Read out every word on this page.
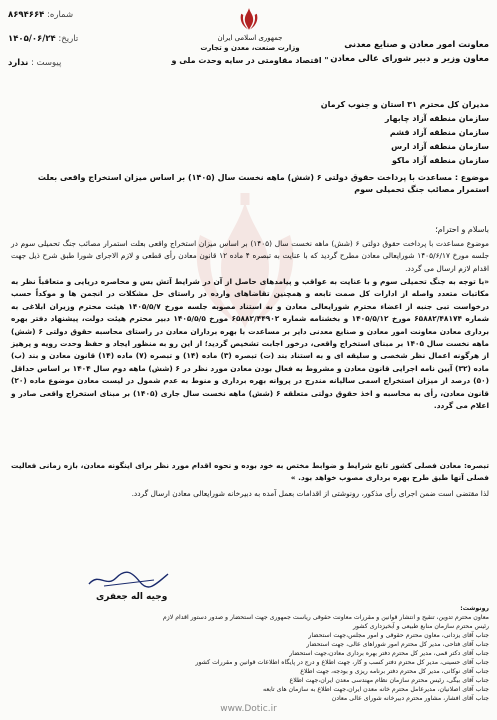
جمهوری اسلامی ایران
وزارت صنعت، معدن و تجارت
" اقتصاد مقاومتی در سایه وحدت ملی و
شماره: ۸۶۹۴۶۶۴
تاریخ: ۱۴۰۵/۰۶/۲۴
پیوست : ندارد
معاونت امور معادن و صنایع معدنی
معاون وزیر و دبیر شورای عالی معادن
مدیران کل محترم ۳۱ استان و جنوب کرمان
سازمان منطقه آزاد چابهار
سازمان منطقه آزاد قشم
سازمان منطقه آزاد ارس
سازمان منطقه آزاد ماکو
موضوع : مساعدت با پرداخت حقوق دولتی ۶ (شش) ماهه نخست سال (۱۴۰۵) بر اساس میزان استخراج واقعی بعلت استمرار مصائب جنگ تحمیلی سوم
باسلام و احترام؛
موضوع مساعدت با پرداخت حقوق دولتی ۶ (شش) ماهه نخست سال (۱۴۰۵) بر اساس میزان استخراج واقعی بعلت استمرار مصائب جنگ تحمیلی سوم در جلسه مورخ ۱۴۰۵/۶/۱۷ شورایعالی معادن مطرح گردید که با عنایت به تبصره ۴ ماده ۱۲ قانون معادن رأی قطعی و لازم الاجرای شورا طبق شرح ذیل جهت اقدام لازم ارسال می گردد.
«با توجه به جنگ تحمیلی سوم و با عنایت به عواقب و پیامدهای حاصل از آن در شرایط آتش بس و محاصره دریایی و متعاقباً نظر به مکاتبات متعدد واصله از ادارات کل صمت تابعه و همچنین تقاضاهای وارده در راستای حل مشکلات در انجمن ها و موکداً حسب درخواست تبی جنبه از اعضاء محترم شورایعالی معادن و به استناد مصوبه جلسه مورخ ۱۴۰۵/۵/۷ هیئت محترم وزیران ابلاغی به شماره ۶۵۸۸۲/۴۸۱۷۴ مورخ ۱۴۰۵/۵/۱۲ و بخشنامه شماره ۶۵۸۸۲/۴۴۹۰۲ مورخ ۱۴۰۵/۵/۵ دبیر محترم هیئت دولت، پیشنهاد دفتر بهره برداری معادن معاونت امور معادن و صنایع معدنی دایر بر مساعدت با بهره برداران معادن در راستای محاسبه حقوق دولتی ۶ (شش) ماهه نخست سال ۱۴۰۵ بر مبنای استخراج واقعی، درخور اجابت تشخیص گردید؛ از این رو به منظور ایجاد و حفظ وحدت رویه و پرهیز از هرگونه اعمال نظر شخصی و سلیقه ای و به استناد بند (ت) تبصره (۳) ماده (۱۴) و تبصره (۷) ماده (۱۴) قانون معادن و بند (ب) ماده (۳۲) آیین نامه اجرایی قانون معادن و مشروط به فعال بودن معادن مورد نظر در ۶ (شش) ماهه دوم سال ۱۴۰۴ بر اساس حداقل (۵۰) درصد از میزان استخراج اسمی سالیانه مندرج در پروانه بهره برداری و منوط به عدم شمول در لیست معادن موضوع ماده (۲۰) قانون معادن، رأی به محاسبه و اخذ حقوق دولتی متعلقه ۶ (شش) ماهه نخست سال جاری (۱۴۰۵) بر مبنای استخراج واقعی صادر و اعلام می گردد.
تبصره: معادن فصلی کشور تابع شرایط و ضوابط مختص به خود بوده و نحوه اقدام مورد نظر برای اینگونه معادن، بازه زمانی فعالیت فصلی آنها طبق طرح بهره برداری مصوب خواهد بود. »
لذا مقتضی است ضمن اجرای رأی مذکور، رونوشتی از اقدامات بعمل آمده به دبیرخانه شورایعالی معادن ارسال گردد.
وجیه اله جعفری
رونوشت:
معاون محترم تدوین، تنقیح و انتشار قوانین و مقررات معاونت حقوقی ریاست جمهوری جهت استحضار و صدور دستور اقدام لازم
رئیس محترم سازمان منابع طبیعی و آبخیزداری کشور
جناب آقای یزدانی، معاون محترم حقوقی و امور مجلس،جهت استحضار
جناب آقای فتاحی، مدیر کل محترم امور شوراهای عالی، جهت استحضار
جناب آقای دکتر قمی، مدیر کل محترم دفتر بهره برداری معادن،جهت استحضار
جناب آقای حسینی، مدیر کل محترم دفتر کسب و کار، جهت اطلاع و درج در پایگاه اطلاعات قوانین و مقررات کشور
جناب آقای نوکانی، مدیر کل محترم دفتر برنامه ریزی و بودجه، جهت اطلاع
جناب آقای بیگی، رئیس محترم سازمان نظام مهندسی معدن ایران،جهت اطلاع
جناب آقای اصلانیان، مدیرعامل محترم خانه معدن ایران،جهت اطلاع به سازمان های تابعه
جناب آقای افشار، مشاور محترم دبیرخانه شورای عالی معادن
www.Dotic.ir
